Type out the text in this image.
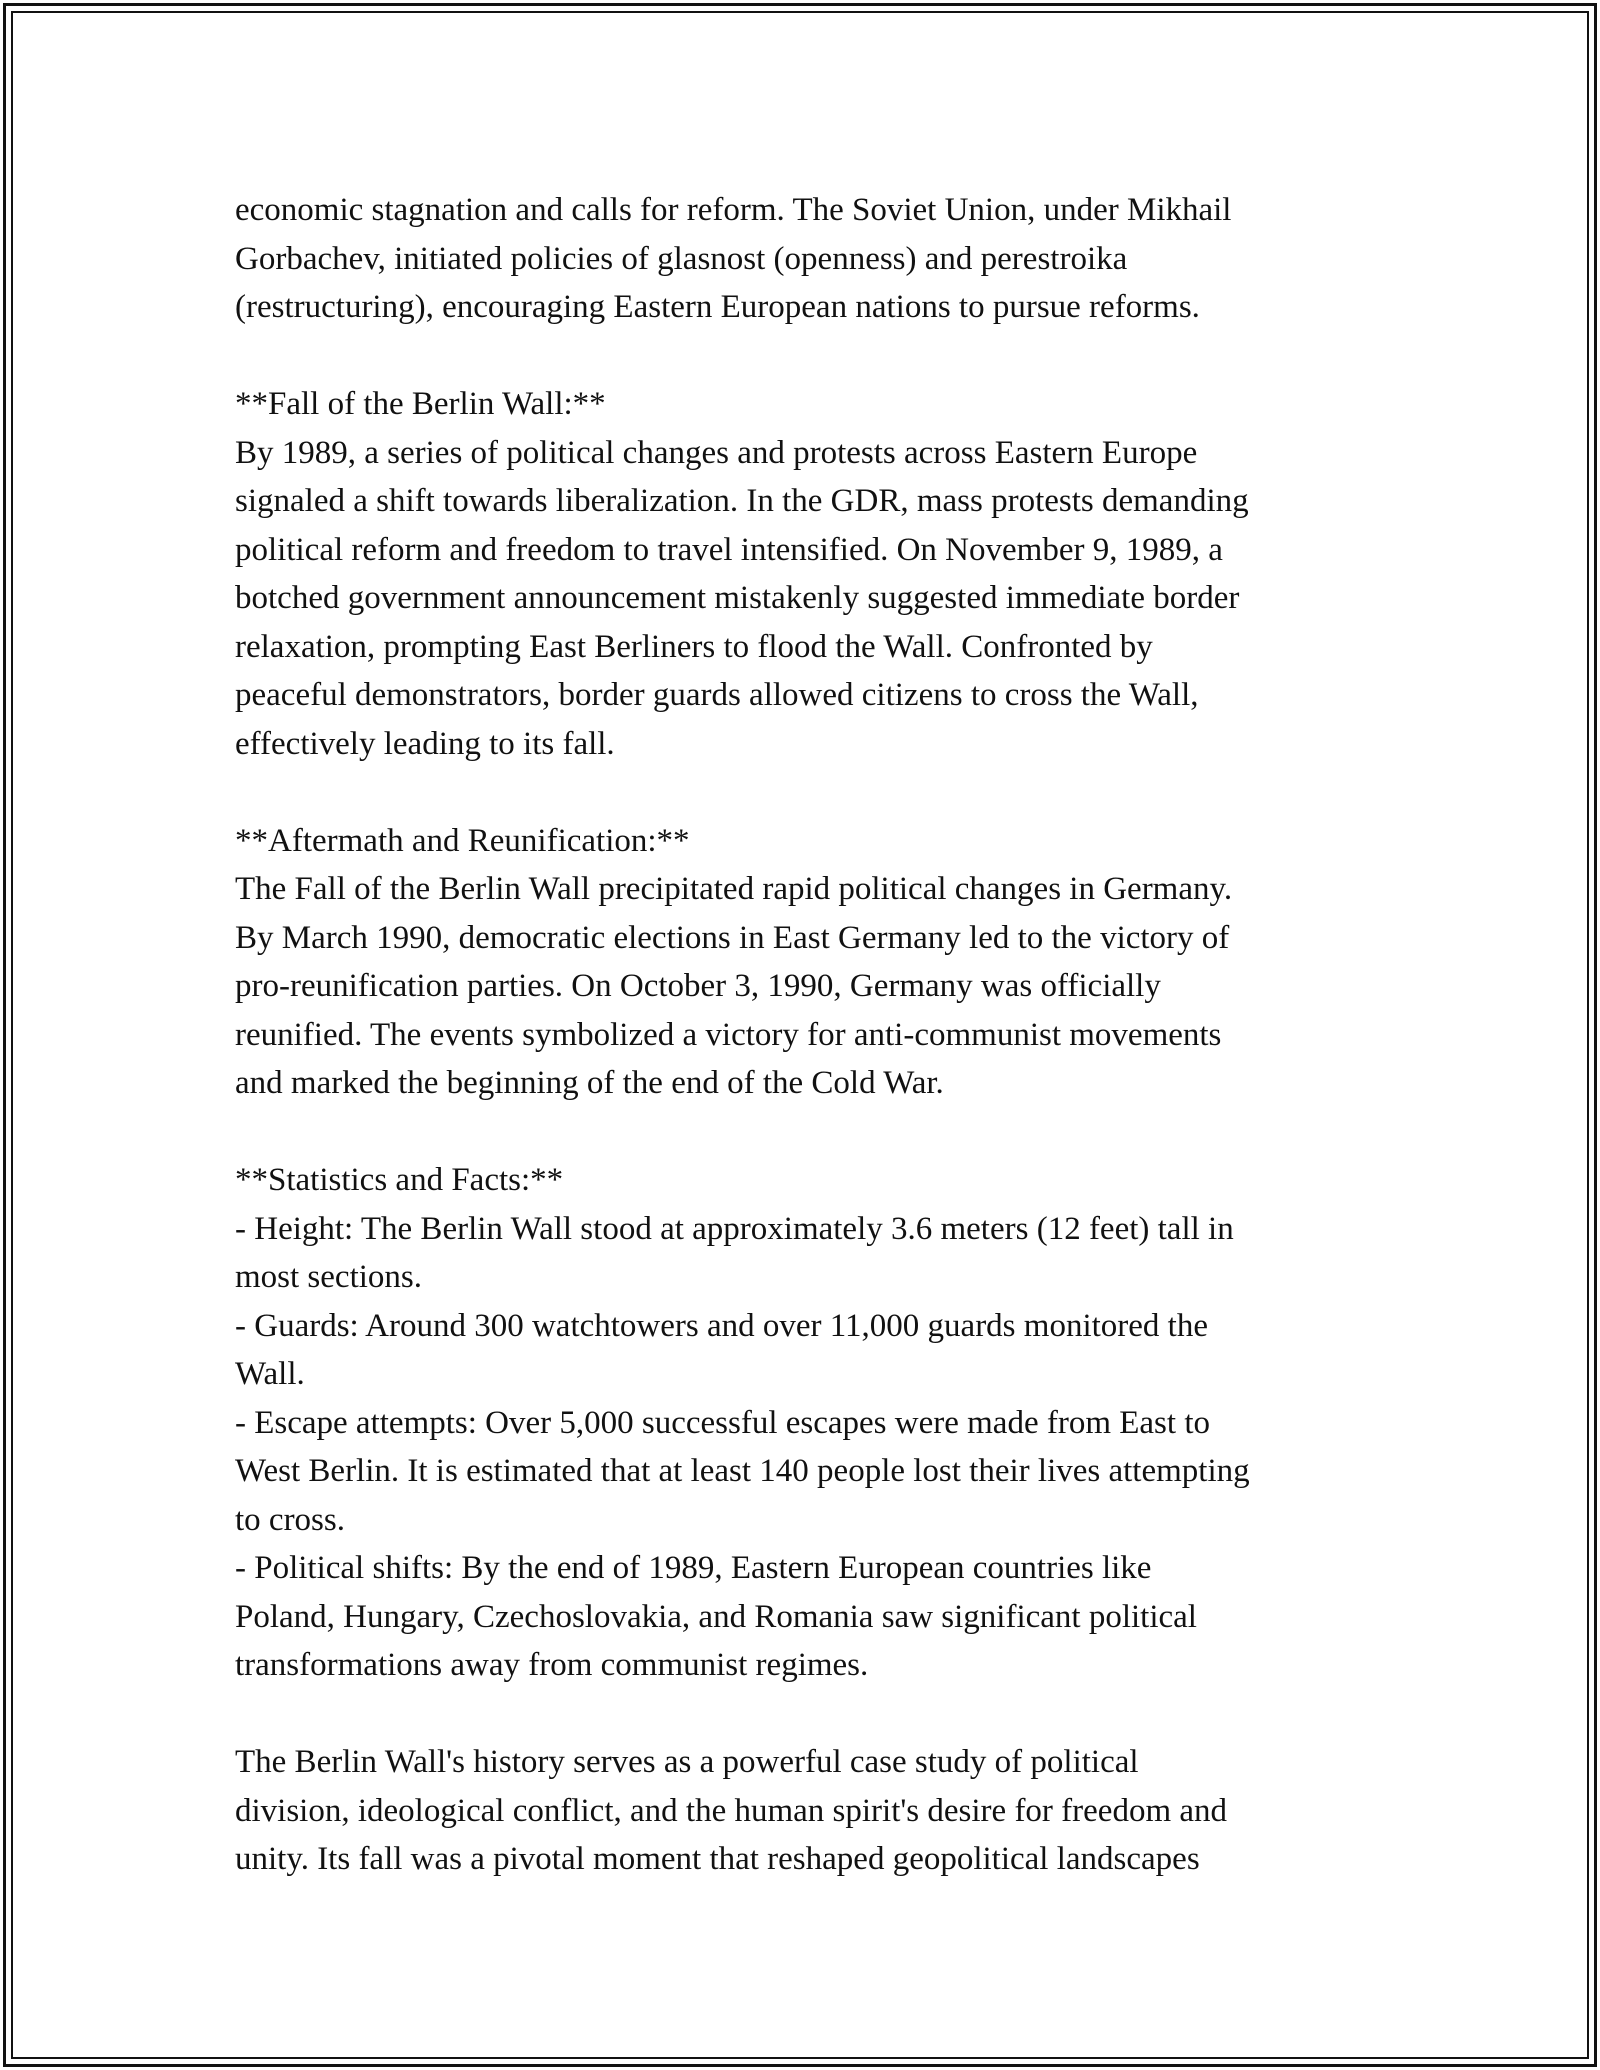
economic stagnation and calls for reform. The Soviet Union, under Mikhail
Gorbachev, initiated policies of glasnost (openness) and perestroika
(restructuring), encouraging Eastern European nations to pursue reforms.
**Fall of the Berlin Wall:**
By 1989, a series of political changes and protests across Eastern Europe
signaled a shift towards liberalization. In the GDR, mass protests demanding
political reform and freedom to travel intensified. On November 9, 1989, a
botched government announcement mistakenly suggested immediate border
relaxation, prompting East Berliners to flood the Wall. Confronted by
peaceful demonstrators, border guards allowed citizens to cross the Wall,
effectively leading to its fall.
**Aftermath and Reunification:**
The Fall of the Berlin Wall precipitated rapid political changes in Germany.
By March 1990, democratic elections in East Germany led to the victory of
pro-reunification parties. On October 3, 1990, Germany was officially
reunified. The events symbolized a victory for anti-communist movements
and marked the beginning of the end of the Cold War.
**Statistics and Facts:**
- Height: The Berlin Wall stood at approximately 3.6 meters (12 feet) tall in
most sections.
- Guards: Around 300 watchtowers and over 11,000 guards monitored the
Wall.
- Escape attempts: Over 5,000 successful escapes were made from East to
West Berlin. It is estimated that at least 140 people lost their lives attempting
to cross.
- Political shifts: By the end of 1989, Eastern European countries like
Poland, Hungary, Czechoslovakia, and Romania saw significant political
transformations away from communist regimes.
The Berlin Wall's history serves as a powerful case study of political
division, ideological conflict, and the human spirit's desire for freedom and
unity. Its fall was a pivotal moment that reshaped geopolitical landscapes
